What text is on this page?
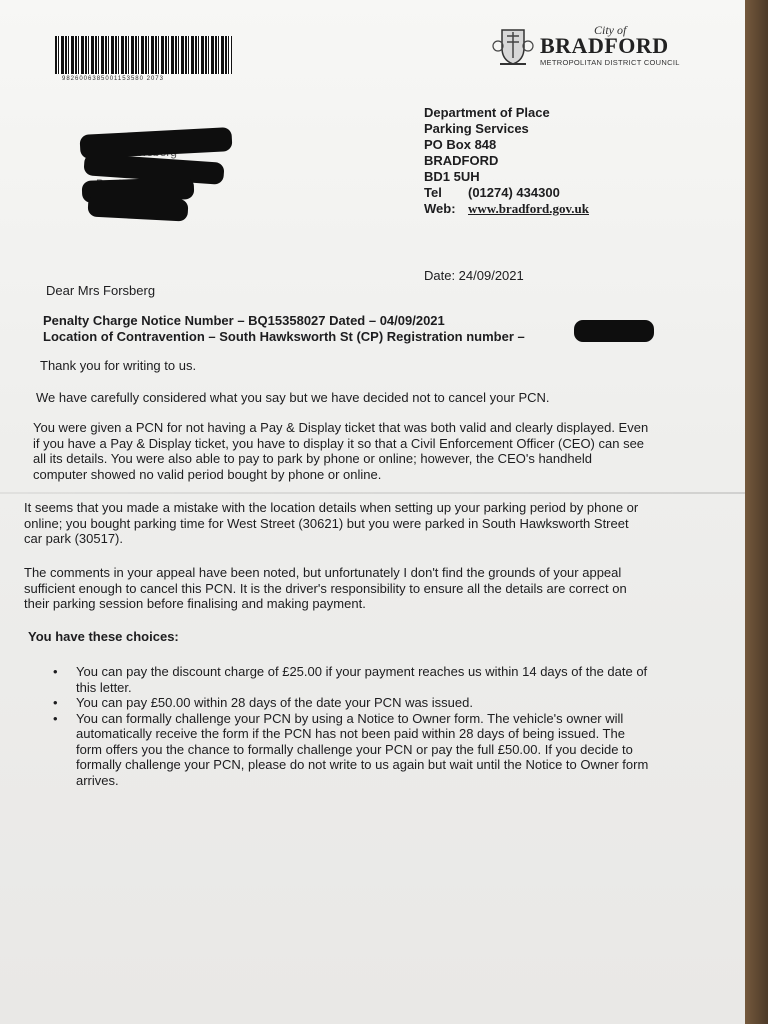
9826006385001153580 2073
City of
BRADFORD
METROPOLITAN DISTRICT COUNCIL
Department of Place
Parking Services
PO Box 848
BRADFORD
BD1 5UH
Tel (01274) 434300
Web: www.bradford.gov.uk
Date: 24/09/2021
Dear Mrs Forsberg
Penalty Charge Notice Number – BQ15358027 Dated – 04/09/2021
Location of Contravention – South Hawksworth St (CP) Registration number –
Thank you for writing to us.
We have carefully considered what you say but we have decided not to cancel your PCN.
You were given a PCN for not having a Pay & Display ticket that was both valid and clearly displayed. Even
if you have a Pay & Display ticket, you have to display it so that a Civil Enforcement Officer (CEO) can see
all its details. You were also able to pay to park by phone or online; however, the CEO's handheld
computer showed no valid period bought by phone or online.
It seems that you made a mistake with the location details when setting up your parking period by phone or
online; you bought parking time for West Street (30621) but you were parked in South Hawksworth Street
car park (30517).
The comments in your appeal have been noted, but unfortunately I don't find the grounds of your appeal
sufficient enough to cancel this PCN. It is the driver's responsibility to ensure all the details are correct on
their parking session before finalising and making payment.
You have these choices:
• You can pay the discount charge of £25.00 if your payment reaches us within 14 days of the date of
this letter.
• You can pay £50.00 within 28 days of the date your PCN was issued.
• You can formally challenge your PCN by using a Notice to Owner form. The vehicle's owner will
automatically receive the form if the PCN has not been paid within 28 days of being issued. The
form offers you the chance to formally challenge your PCN or pay the full £50.00. If you decide to
formally challenge your PCN, please do not write to us again but wait until the Notice to Owner form
arrives.
